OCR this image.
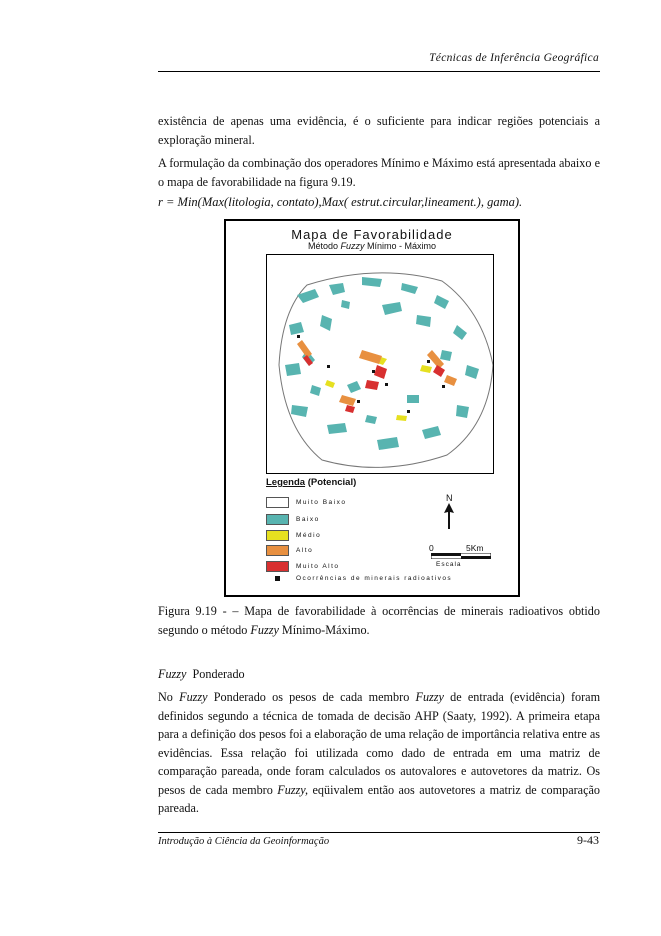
Técnicas de Inferência Geográfica
existência de apenas uma evidência, é o suficiente para indicar regiões potenciais a exploração mineral.
A formulação da combinação dos operadores Mínimo e Máximo está apresentada abaixo e o mapa de favorabilidade na figura 9.19.
r = Min(Max(litologia, contato),Max( estrut.circular,lineament.), gama).
Mapa de Favorabilidade
Método Fuzzy Mínimo - Máximo
Legenda (Potencial)
Muito Baixo
Baixo
Médio
Alto
Muito Alto
Ocorrências de minerais radioativos
N
0	5Km
Escala
Figura 9.19 - – Mapa de favorabilidade à ocorrências de minerais radioativos obtido segundo o método Fuzzy Mínimo-Máximo.
Fuzzy Ponderado
No Fuzzy Ponderado os pesos de cada membro Fuzzy de entrada (evidência) foram definidos segundo a técnica de tomada de decisão AHP (Saaty, 1992). A primeira etapa para a definição dos pesos foi a elaboração de uma relação de importância relativa entre as evidências. Essa relação foi utilizada como dado de entrada em uma matriz de comparação pareada, onde foram calculados os autovalores e autovetores da matriz. Os pesos de cada membro Fuzzy, eqüivalem então aos autovetores a matriz de comparação pareada.
Introdução à Ciência da Geoinformação	9-43
